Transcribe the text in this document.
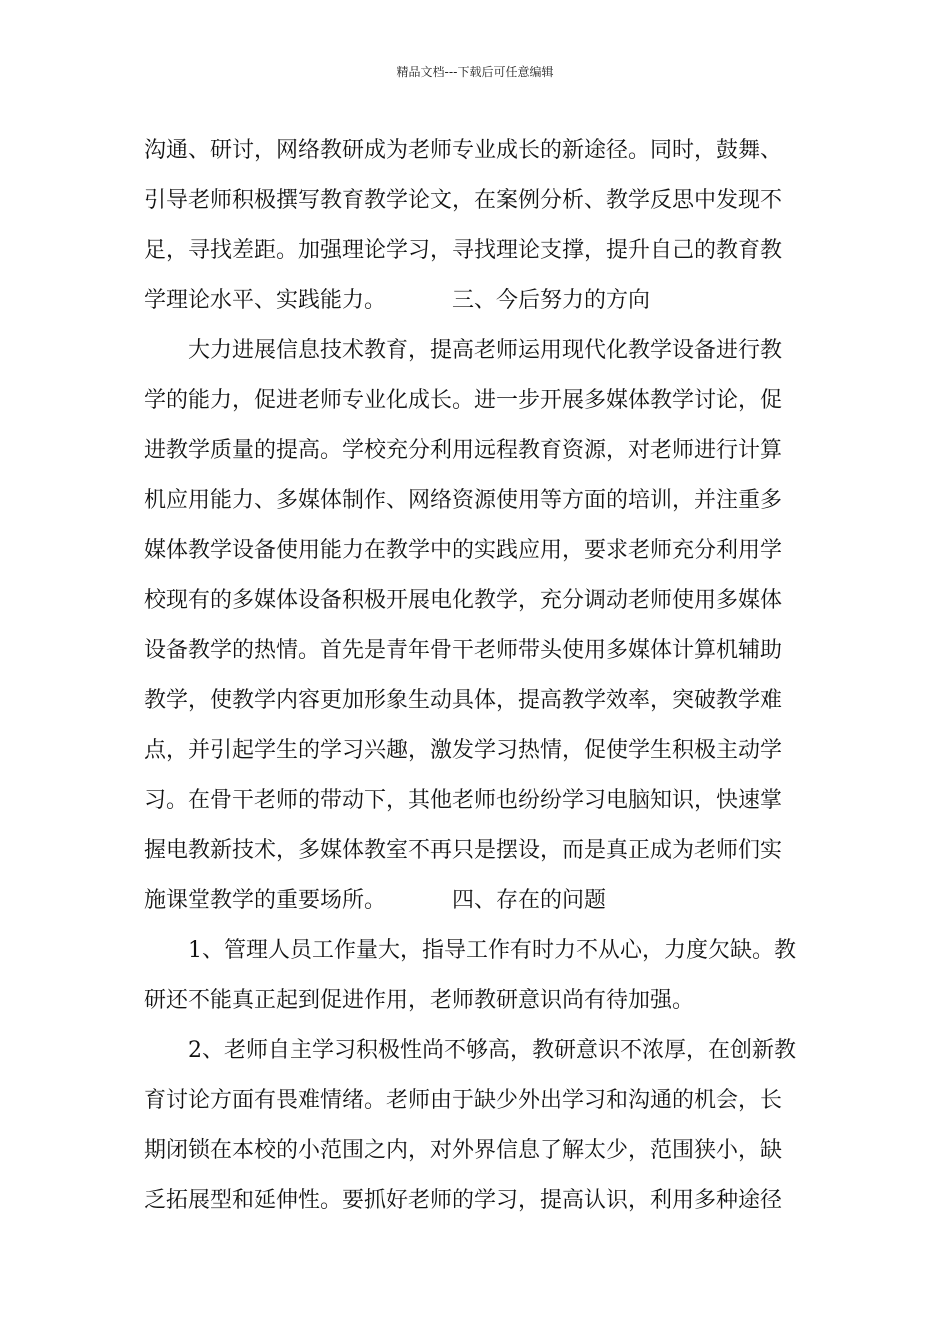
精品文档---下载后可任意编辑
沟通、研讨，网络教研成为老师专业成长的新途径。同时，鼓舞、
引导老师积极撰写教育教学论文，在案例分析、教学反思中发现不
足，寻找差距。加强理论学习，寻找理论支撑，提升自己的教育教
学理论水平、实践能力。	三、今后努力的方向
　　大力进展信息技术教育，提高老师运用现代化教学设备进行教
学的能力，促进老师专业化成长。进一步开展多媒体教学讨论，促
进教学质量的提高。学校充分利用远程教育资源，对老师进行计算
机应用能力、多媒体制作、网络资源使用等方面的培训，并注重多
媒体教学设备使用能力在教学中的实践应用，要求老师充分利用学
校现有的多媒体设备积极开展电化教学，充分调动老师使用多媒体
设备教学的热情。首先是青年骨干老师带头使用多媒体计算机辅助
教学，使教学内容更加形象生动具体，提高教学效率，突破教学难
点，并引起学生的学习兴趣，激发学习热情，促使学生积极主动学
习。在骨干老师的带动下，其他老师也纷纷学习电脑知识，快速掌
握电教新技术，多媒体教室不再只是摆设，而是真正成为老师们实
施课堂教学的重要场所。	四、存在的问题
　　1、管理人员工作量大，指导工作有时力不从心，力度欠缺。教
研还不能真正起到促进作用，老师教研意识尚有待加强。
　　2、老师自主学习积极性尚不够高，教研意识不浓厚，在创新教
育讨论方面有畏难情绪。老师由于缺少外出学习和沟通的机会，长
期闭锁在本校的小范围之内，对外界信息了解太少，范围狭小，缺
乏拓展型和延伸性。要抓好老师的学习，提高认识，利用多种途径
